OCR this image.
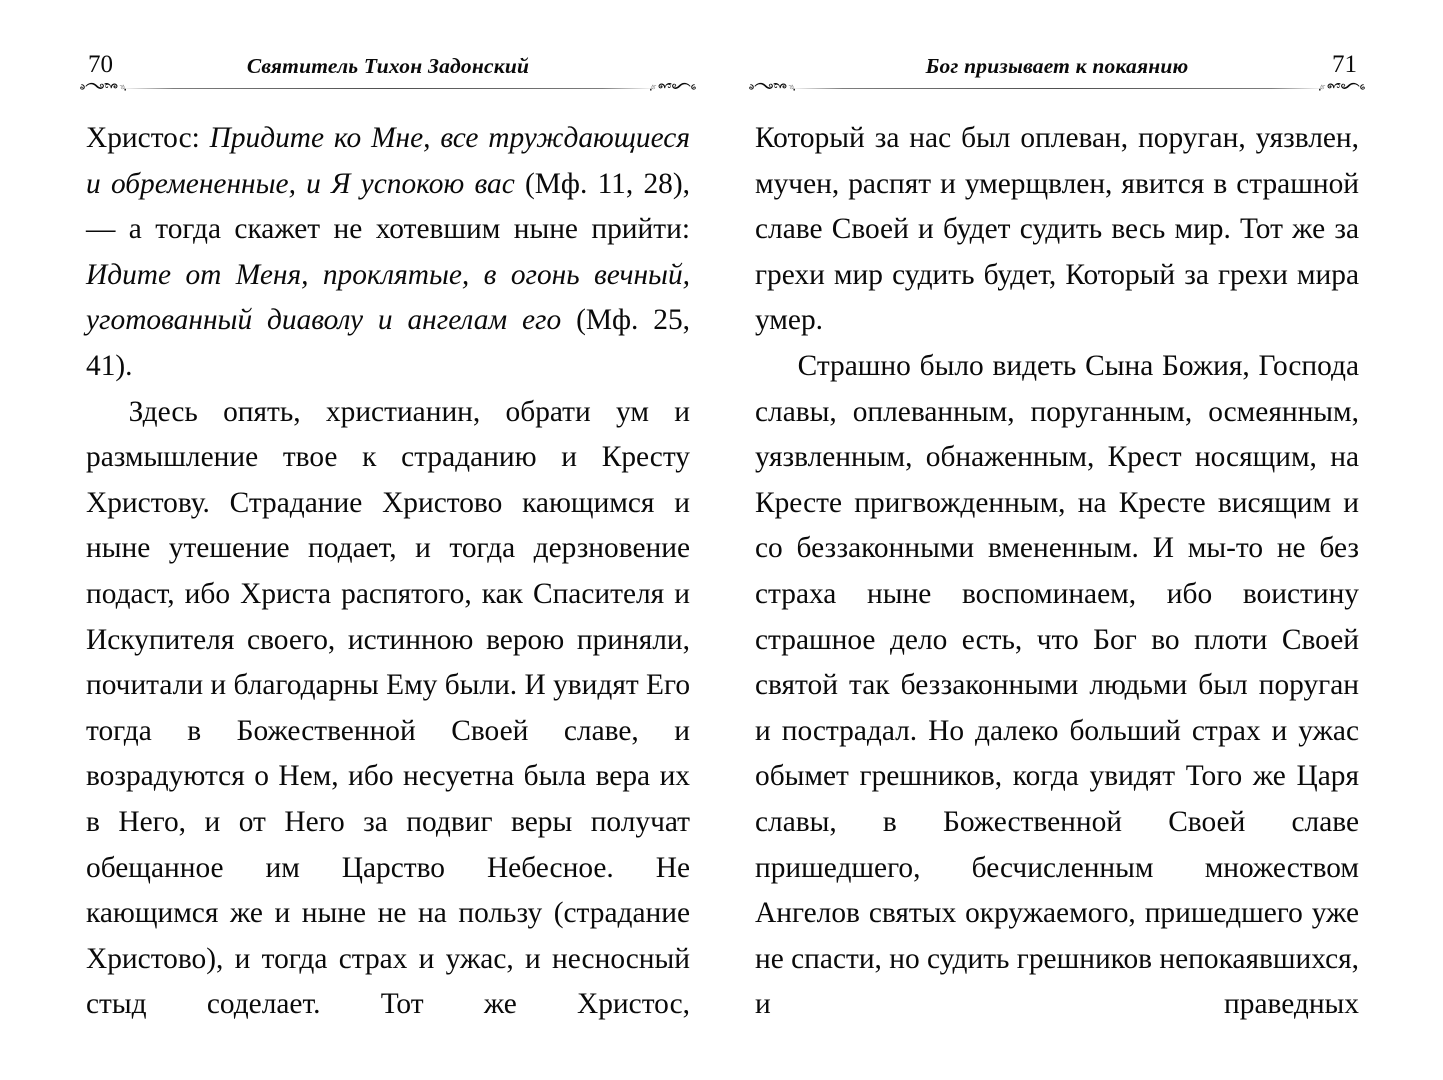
70	Святитель Тихон Задонский

Христос: Придите ко Мне, все труждающиеся и обремененные, и Я успокою вас (Мф. 11, 28), — а тогда скажет не хотевшим ныне прийти: Идите от Меня, проклятые, в огонь вечный, уготованный диаволу и ангелам его (Мф. 25, 41).

Здесь опять, христианин, обрати ум и размышление твое к страданию и Кресту Христову. Страдание Христово кающимся и ныне утешение подает, и тогда дерзновение подаст, ибо Христа распятого, как Спасителя и Искупителя своего, истинною верою приняли, почитали и благодарны Ему были. И увидят Его тогда в Божественной Своей славе, и возрадуются о Нем, ибо несуетна была вера их в Него, и от Него за подвиг веры получат обещанное им Царство Небесное. Не кающимся же и ныне не на пользу (страдание Христово), и тогда страх и ужас, и несносный стыд соделает. Тот же Христос,

71
Бог призывает к покаянию

Который за нас был оплеван, поруган, уязвлен, мучен, распят и умерщвлен, явится в страшной славе Своей и будет судить весь мир. Тот же за грехи мир судить будет, Который за грехи мира умер.

Страшно было видеть Сына Божия, Господа славы, оплеванным, поруганным, осмеянным, уязвленным, обнаженным, Крест носящим, на Кресте пригвожденным, на Кресте висящим и со беззаконными вмененным. И мы-то не без страха ныне воспоминаем, ибо воистину страшное дело есть, что Бог во плоти Своей святой так беззаконными людьми был поруган и пострадал. Но далеко больший страх и ужас обымет грешников, когда увидят Того же Царя славы, в Божественной Своей славе пришедшего, бесчисленным множеством Ангелов святых окружаемого, пришедшего уже не спасти, но судить грешников непокаявшихся, и праведных
